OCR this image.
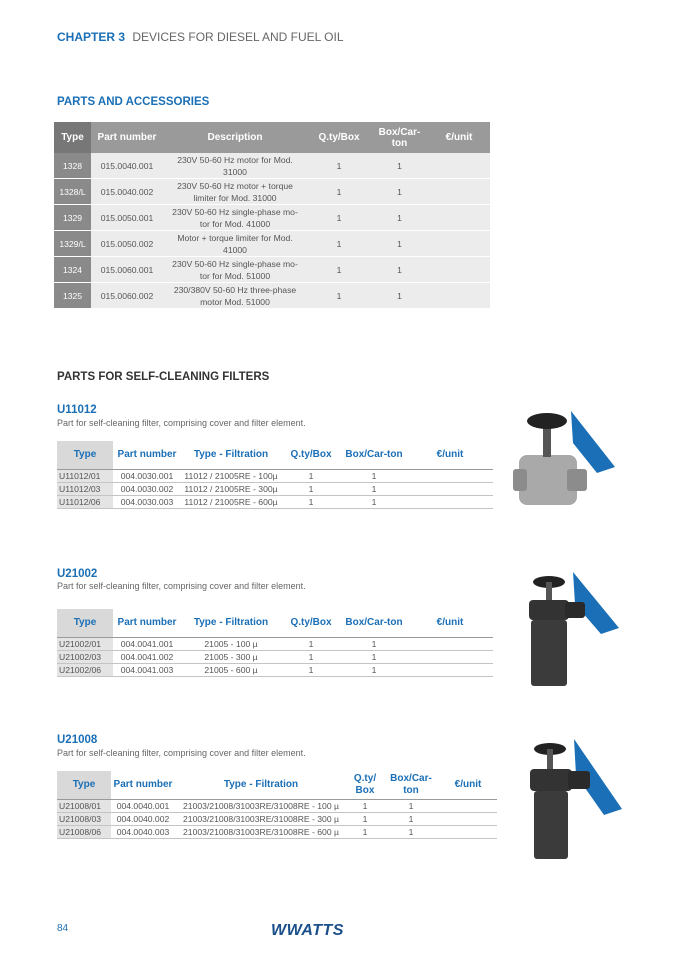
CHAPTER 3 DEVICES FOR DIESEL AND FUEL OIL
PARTS AND ACCESSORIES
Type	Part number	Description	Q.ty/Box	Box/Car-ton	€/unit
1328	015.0040.001	230V 50-60 Hz motor for Mod. 31000	1	1	
1328/L	015.0040.002	230V 50-60 Hz motor + torque limiter for Mod. 31000	1	1	
1329	015.0050.001	230V 50-60 Hz single-phase mo-tor for Mod. 41000	1	1	
1329/L	015.0050.002	Motor + torque limiter for Mod. 41000	1	1	
1324	015.0060.001	230V 50-60 Hz single-phase mo-tor for Mod. 51000	1	1	
1325	015.0060.002	230/380V 50-60 Hz three-phase motor Mod. 51000	1	1	
PARTS FOR SELF-CLEANING FILTERS
U11012
Part for self-cleaning filter, comprising cover and filter element.
Type	Part number	Type - Filtration	Q.ty/Box	Box/Car-ton	€/unit
U11012/01	004.0030.001	11012 / 21005RE - 100µ	1	1	
U11012/03	004.0030.002	11012 / 21005RE - 300µ	1	1	
U11012/06	004.0030.003	11012 / 21005RE - 600µ	1	1	
U21002
Part for self-cleaning filter, comprising cover and filter element.
Type	Part number	Type - Filtration	Q.ty/Box	Box/Car-ton	€/unit
U21002/01	004.0041.001	21005 - 100 µ	1	1	
U21002/03	004.0041.002	21005 - 300 µ	1	1	
U21002/06	004.0041.003	21005 - 600 µ	1	1	
U21008
Part for self-cleaning filter, comprising cover and filter element.
Type	Part number	Type - Filtration	Q.ty/ Box	Box/Car-ton	€/unit
U21008/01	004.0040.001	21003/21008/31003RE/31008RE - 100 µ	1	1	
U21008/03	004.0040.002	21003/21008/31003RE/31008RE - 300 µ	1	1	
U21008/06	004.0040.003	21003/21008/31003RE/31008RE - 600 µ	1	1	
84	WWATTS
